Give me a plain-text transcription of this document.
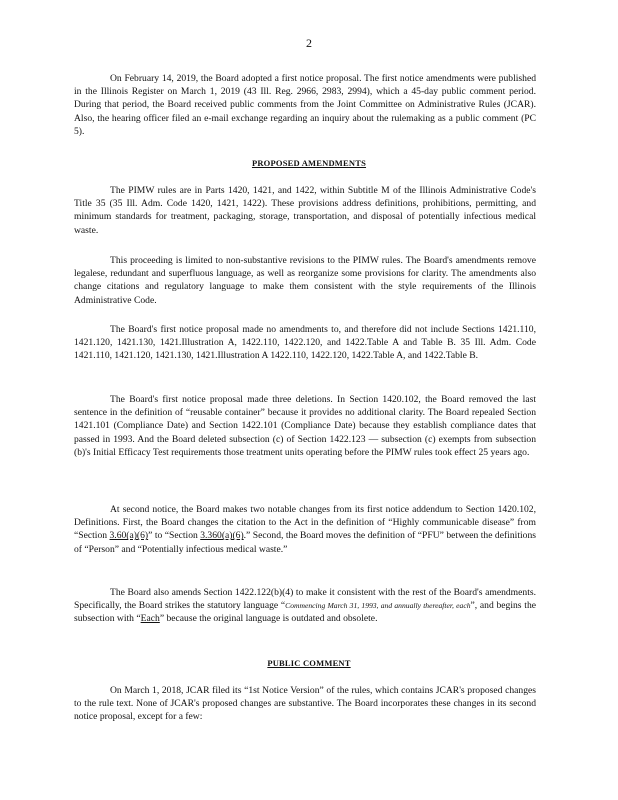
2

On February 14, 2019, the Board adopted a first notice proposal. The first notice amendments were published in the Illinois Register on March 1, 2019 (43 Ill. Reg. 2966, 2983, 2994), which a 45-day public comment period. During that period, the Board received public comments from the Joint Committee on Administrative Rules (JCAR). Also, the hearing officer filed an e-mail exchange regarding an inquiry about the rulemaking as a public comment (PC 5).

PROPOSED AMENDMENTS

The PIMW rules are in Parts 1420, 1421, and 1422, within Subtitle M of the Illinois Administrative Code's Title 35 (35 Ill. Adm. Code 1420, 1421, 1422). These provisions address definitions, prohibitions, permitting, and minimum standards for treatment, packaging, storage, transportation, and disposal of potentially infectious medical waste.

This proceeding is limited to non-substantive revisions to the PIMW rules. The Board's amendments remove legalese, redundant and superfluous language, as well as reorganize some provisions for clarity. The amendments also change citations and regulatory language to make them consistent with the style requirements of the Illinois Administrative Code.

The Board's first notice proposal made no amendments to, and therefore did not include Sections 1421.110, 1421.120, 1421.130, 1421.Illustration A, 1422.110, 1422.120, and 1422.Table A and Table B. 35 Ill. Adm. Code 1421.110, 1421.120, 1421.130, 1421.Illustration A 1422.110, 1422.120, 1422.Table A, and 1422.Table B.

The Board's first notice proposal made three deletions. In Section 1420.102, the Board removed the last sentence in the definition of “reusable container” because it provides no additional clarity. The Board repealed Section 1421.101 (Compliance Date) and Section 1422.101 (Compliance Date) because they establish compliance dates that passed in 1993. And the Board deleted subsection (c) of Section 1422.123 — subsection (c) exempts from subsection (b)'s Initial Efficacy Test requirements those treatment units operating before the PIMW rules took effect 25 years ago.

At second notice, the Board makes two notable changes from its first notice addendum to Section 1420.102, Definitions. First, the Board changes the citation to the Act in the definition of “Highly communicable disease” from “Section 3.60(a)(6)” to “Section 3.360(a)(6).” Second, the Board moves the definition of “PFU” between the definitions of “Person” and “Potentially infectious medical waste.”

The Board also amends Section 1422.122(b)(4) to make it consistent with the rest of the Board's amendments. Specifically, the Board strikes the statutory language “Commencing March 31, 1993, and annually thereafter, each”, and begins the subsection with “Each” because the original language is outdated and obsolete.

PUBLIC COMMENT

On March 1, 2018, JCAR filed its “1st Notice Version” of the rules, which contains JCAR's proposed changes to the rule text. None of JCAR's proposed changes are substantive. The Board incorporates these changes in its second notice proposal, except for a few:
